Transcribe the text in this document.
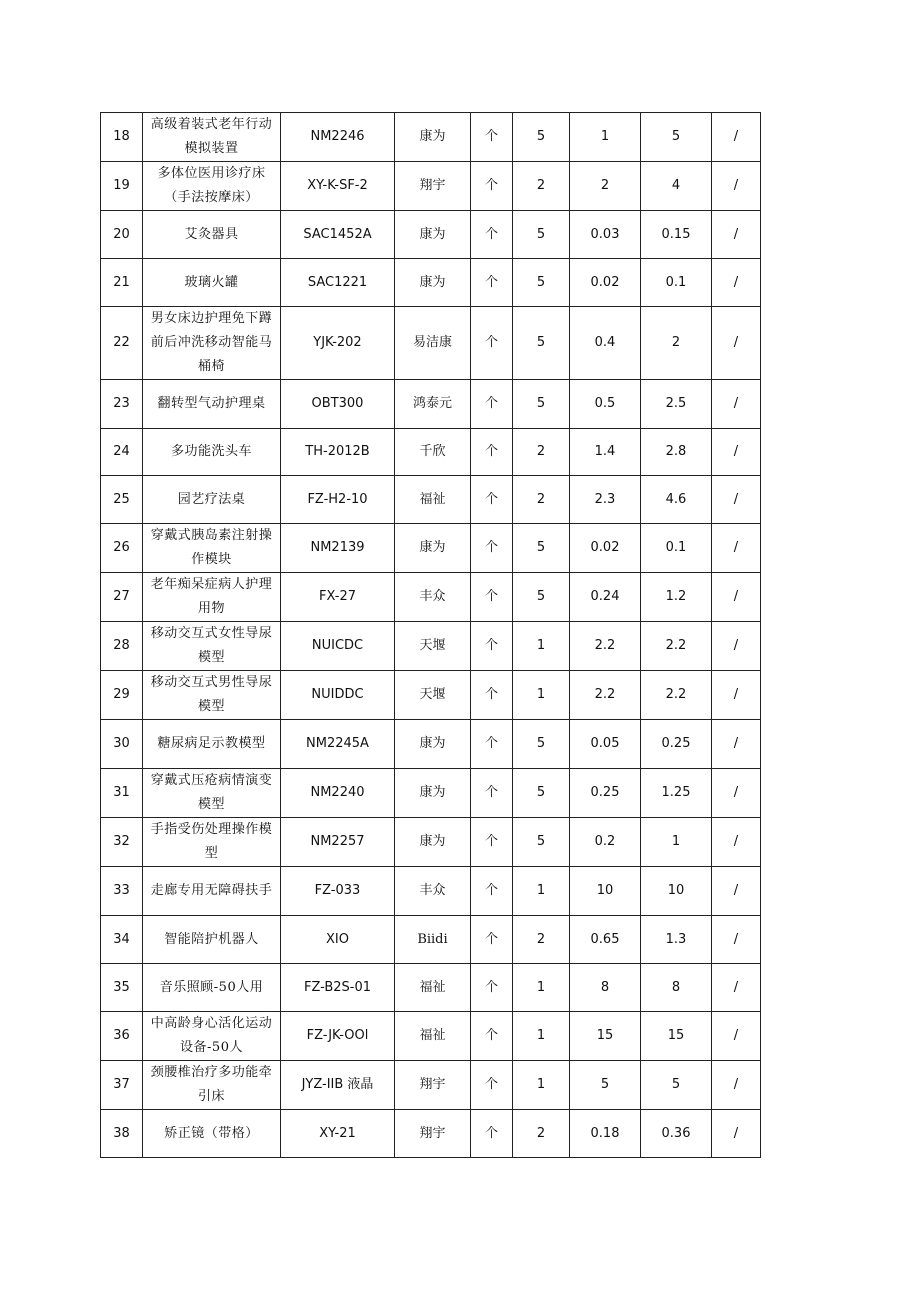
18	高级着装式老年行动模拟装置	NM2246	康为	个	5	1	5	/
19	多体位医用诊疗床（手法按摩床）	XY-K-SF-2	翔宇	个	2	2	4	/
20	艾灸器具	SAC1452A	康为	个	5	0.03	0.15	/
21	玻璃火罐	SAC1221	康为	个	5	0.02	0.1	/
22	男女床边护理免下蹲前后冲洗移动智能马桶椅	YJK-202	易洁康	个	5	0.4	2	/
23	翻转型气动护理桌	OBT300	鸿泰元	个	5	0.5	2.5	/
24	多功能洗头车	TH-2012B	千欣	个	2	1.4	2.8	/
25	园艺疗法桌	FZ-H2-10	福祉	个	2	2.3	4.6	/
26	穿戴式胰岛素注射操作模块	NM2139	康为	个	5	0.02	0.1	/
27	老年痴呆症病人护理用物	FX-27	丰众	个	5	0.24	1.2	/
28	移动交互式女性导尿模型	NUICDC	天堰	个	1	2.2	2.2	/
29	移动交互式男性导尿模型	NUIDDC	天堰	个	1	2.2	2.2	/
30	糖尿病足示教模型	NM2245A	康为	个	5	0.05	0.25	/
31	穿戴式压疮病情演变模型	NM2240	康为	个	5	0.25	1.25	/
32	手指受伤处理操作模型	NM2257	康为	个	5	0.2	1	/
33	走廊专用无障碍扶手	FZ-033	丰众	个	1	10	10	/
34	智能陪护机器人	XIO	Biidi	个	2	0.65	1.3	/
35	音乐照顾-50人用	FZ-B2S-01	福祉	个	1	8	8	/
36	中高龄身心活化运动设备-50人	FZ-JK-OOl	福祉	个	1	15	15	/
37	颈腰椎治疗多功能牵引床	JYZ-IIB 液晶	翔宇	个	1	5	5	/
38	矫正镜（带格）	XY-21	翔宇	个	2	0.18	0.36	/
